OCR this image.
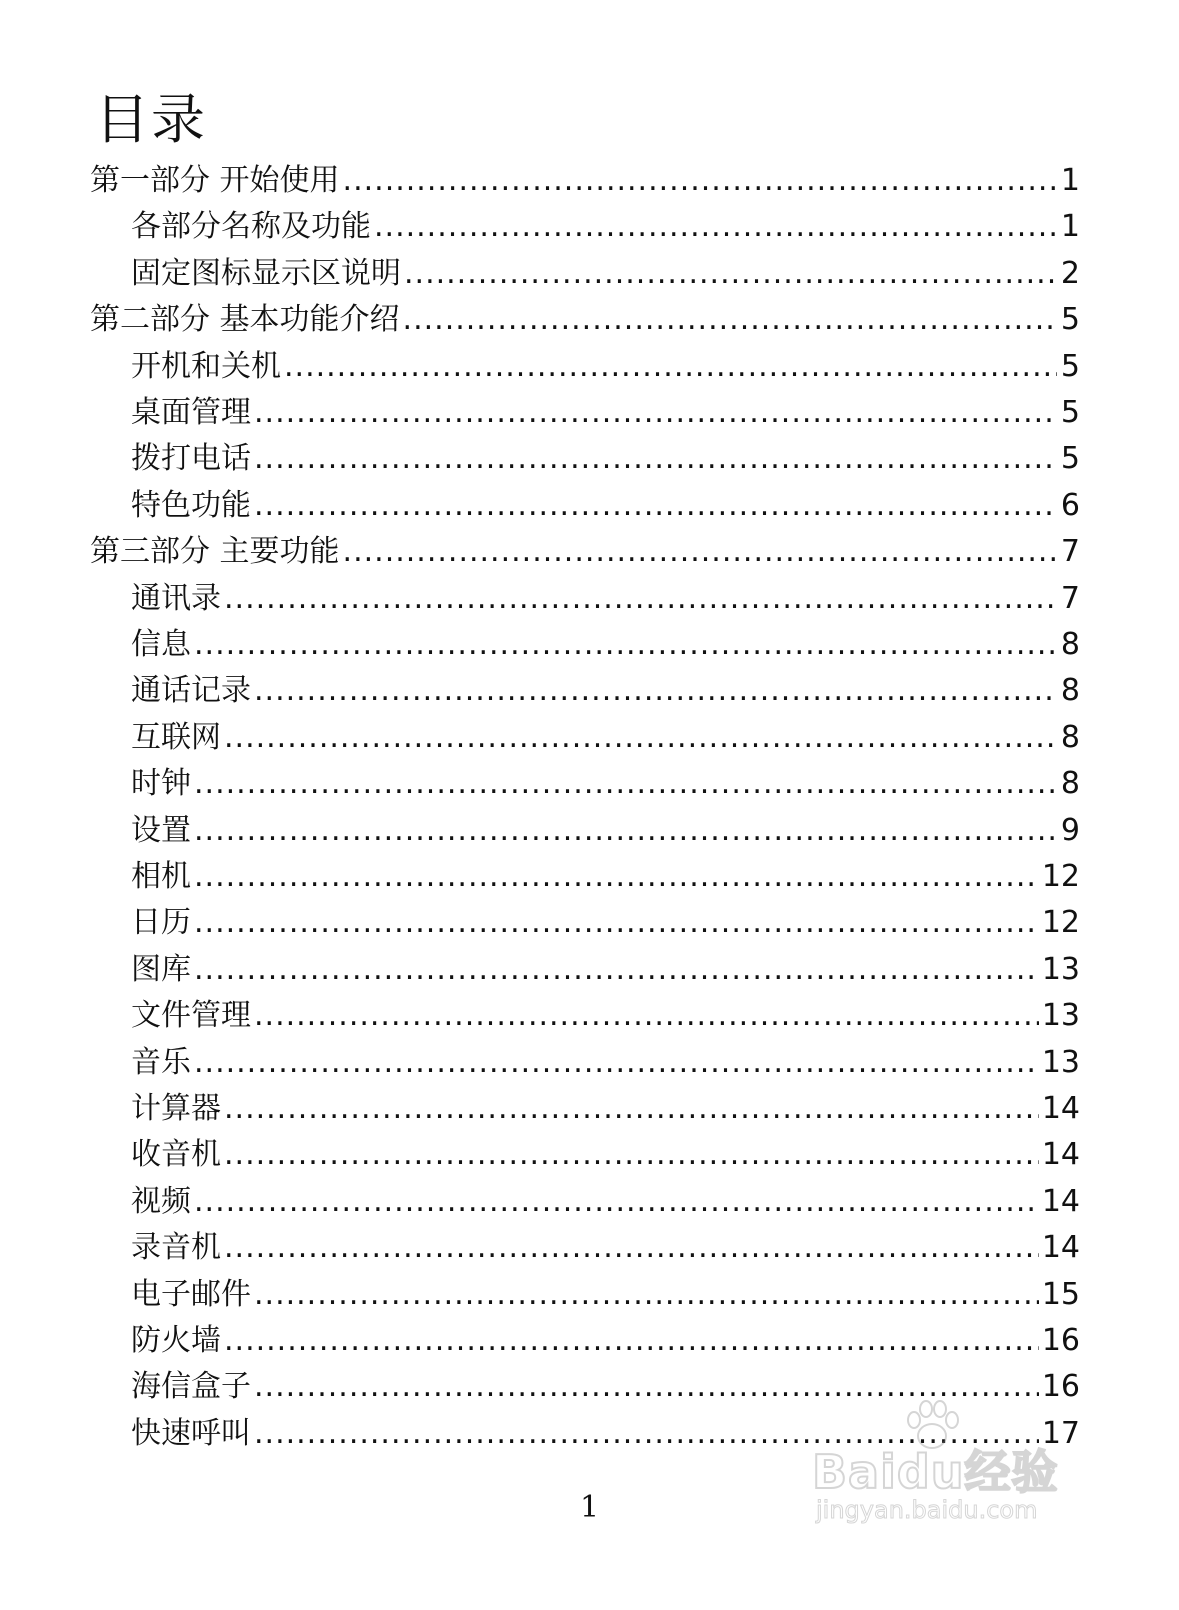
目录
第一部分 开始使用 .....	1
各部分名称及功能 .....	1
固定图标显示区说明 .....	2
第二部分 基本功能介绍 .....	5
开机和关机 .....	5
桌面管理 .....	5
拨打电话 .....	5
特色功能 .....	6
第三部分 主要功能 .....	7
通讯录 .....	7
信息 .....	8
通话记录 .....	8
互联网 .....	8
时钟 .....	8
设置 .....	9
相机 .....	12
日历 .....	12
图库 .....	13
文件管理 .....	13
音乐 .....	13
计算器 .....	14
收音机 .....	14
视频 .....	14
录音机 .....	14
电子邮件 .....	15
防火墙 .....	16
海信盒子 .....	16
快速呼叫 .....	17
1
Baidu经验
jingyan.baidu.com
